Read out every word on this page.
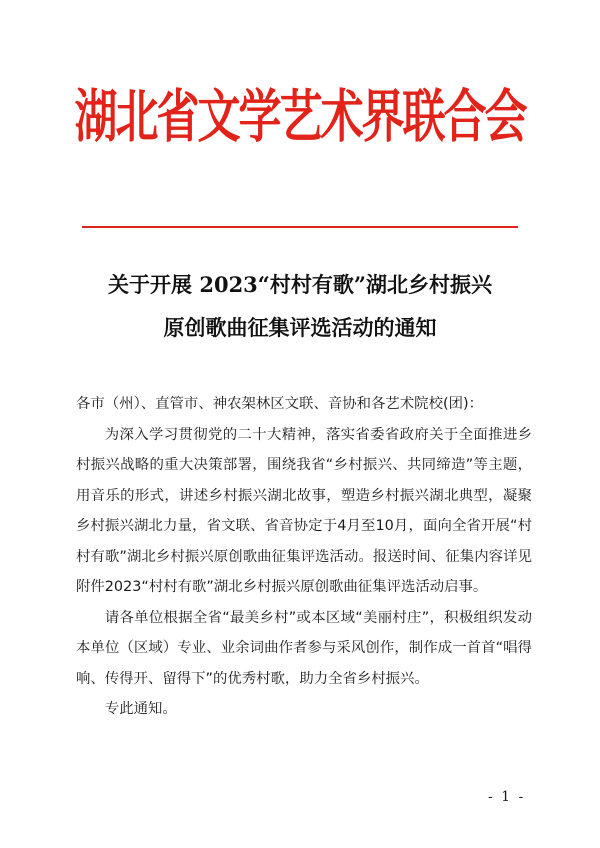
湖北省文学艺术界联合会
关于开展 2023“村村有歌”湖北乡村振兴
原创歌曲征集评选活动的通知

各市（州）、直管市、神农架林区文联、音协和各艺术院校(团)：

为深入学习贯彻党的二十大精神，落实省委省政府关于全面推进乡村振兴战略的重大决策部署，围绕我省“乡村振兴、共同缔造”等主题，用音乐的形式，讲述乡村振兴湖北故事，塑造乡村振兴湖北典型，凝聚乡村振兴湖北力量，省文联、省音协定于4月至10月，面向全省开展“村村有歌”湖北乡村振兴原创歌曲征集评选活动。报送时间、征集内容详见附件2023“村村有歌”湖北乡村振兴原创歌曲征集评选活动启事。

请各单位根据全省“最美乡村”或本区域“美丽村庄”，积极组织发动本单位（区域）专业、业余词曲作者参与采风创作，制作成一首首“唱得响、传得开、留得下”的优秀村歌，助力全省乡村振兴。

专此通知。

- 1 -
